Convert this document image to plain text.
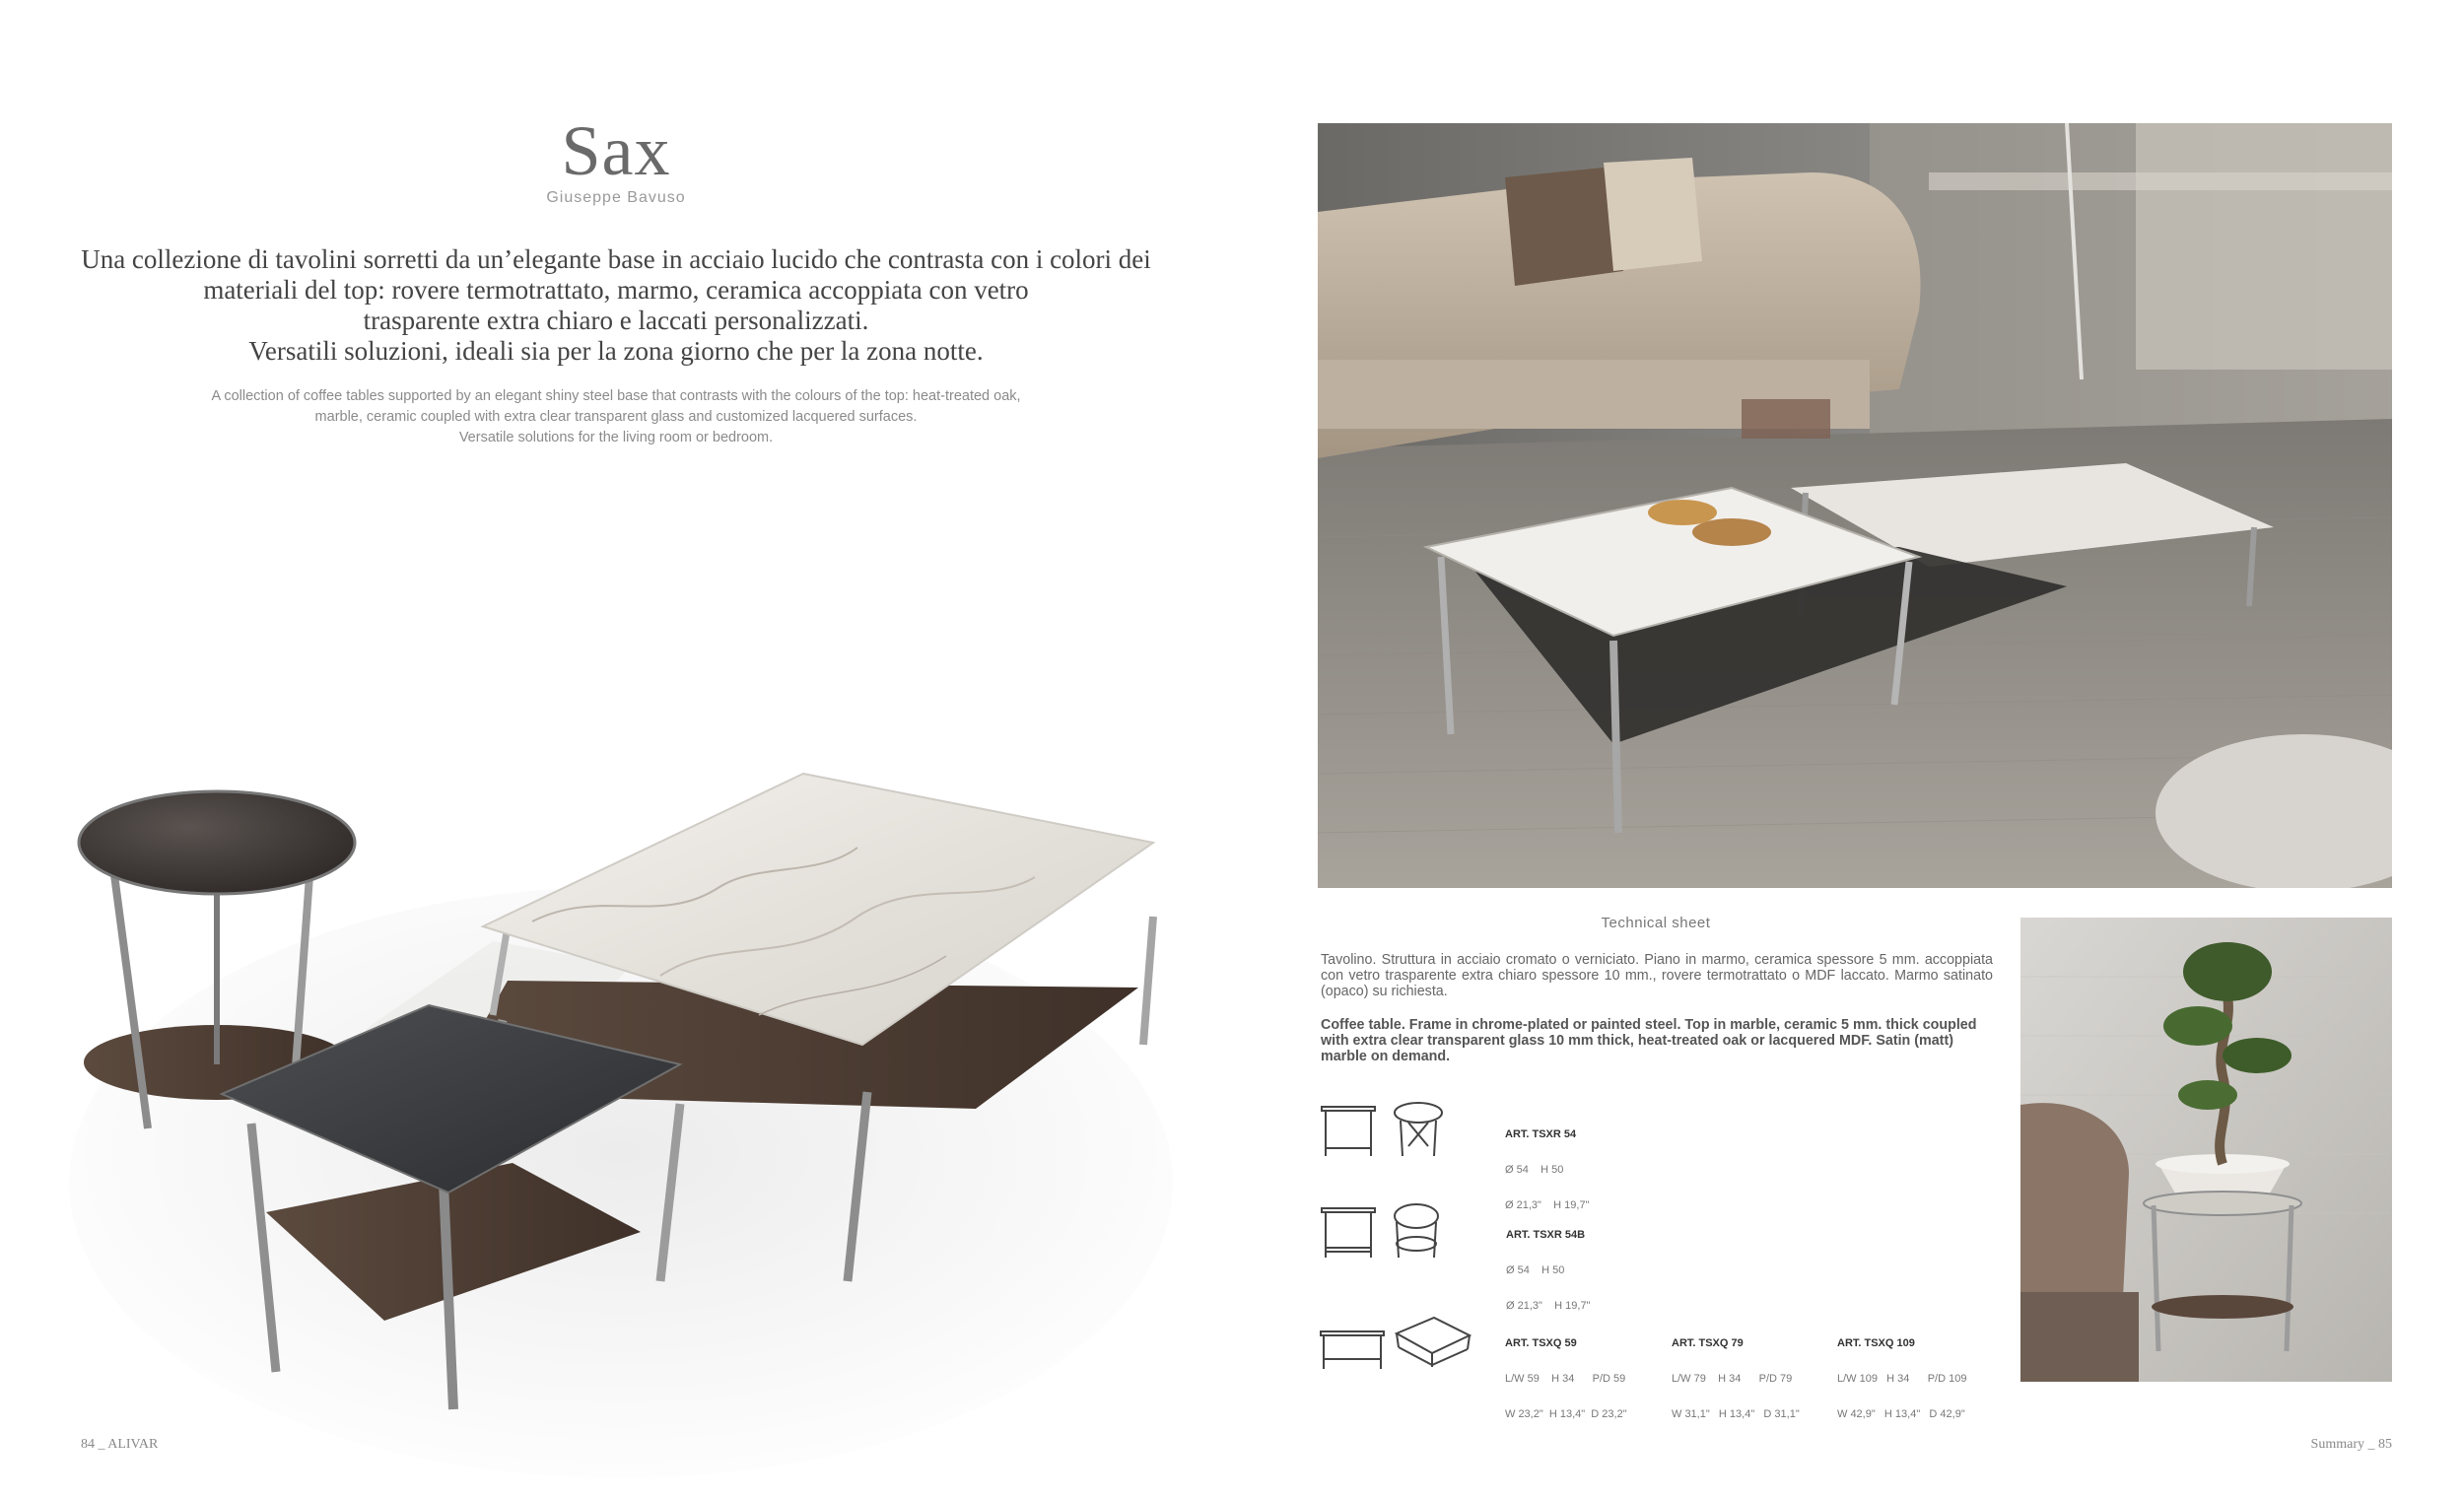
Sax
Giuseppe Bavuso
Una collezione di tavolini sorretti da un’elegante base in acciaio lucido che contrasta con i colori dei
materiali del top: rovere termotrattato, marmo, ceramica accoppiata con vetro
trasparente extra chiaro e laccati personalizzati.
Versatili soluzioni, ideali sia per la zona giorno che per la zona notte.
A collection of coffee tables supported by an elegant shiny steel base that contrasts with the colours of the top: heat-treated oak,
marble, ceramic coupled with extra clear transparent glass and customized lacquered surfaces.
Versatile solutions for the living room or bedroom.
84 _ ALIVAR
Technical sheet
Tavolino. Struttura in acciaio cromato o verniciato. Piano in marmo, ceramica spessore 5 mm. accoppiata con vetro trasparente extra chiaro spessore 10 mm., rovere termotrattato o MDF laccato. Marmo satinato (opaco) su richiesta.
Coffee table. Frame in chrome-plated or painted steel. Top in marble, ceramic 5 mm. thick coupled with extra clear transparent glass 10 mm thick, heat-treated oak or lacquered MDF. Satin (matt) marble on demand.

ART. TSXR 54

Ø 54    H 50

Ø 21,3"    H 19,7"

ART. TSXR 54B

Ø 54    H 50

Ø 21,3"    H 19,7"

ART. TSXQ 59

L/W 59    H 34      P/D 59

W 23,2"  H 13,4"  D 23,2"

ART. TSXQ 79

L/W 79    H 34      P/D 79

W 31,1"   H 13,4"   D 31,1"

ART. TSXQ 109

L/W 109   H 34      P/D 109

W 42,9"   H 13,4"   D 42,9"

Summary _ 85
